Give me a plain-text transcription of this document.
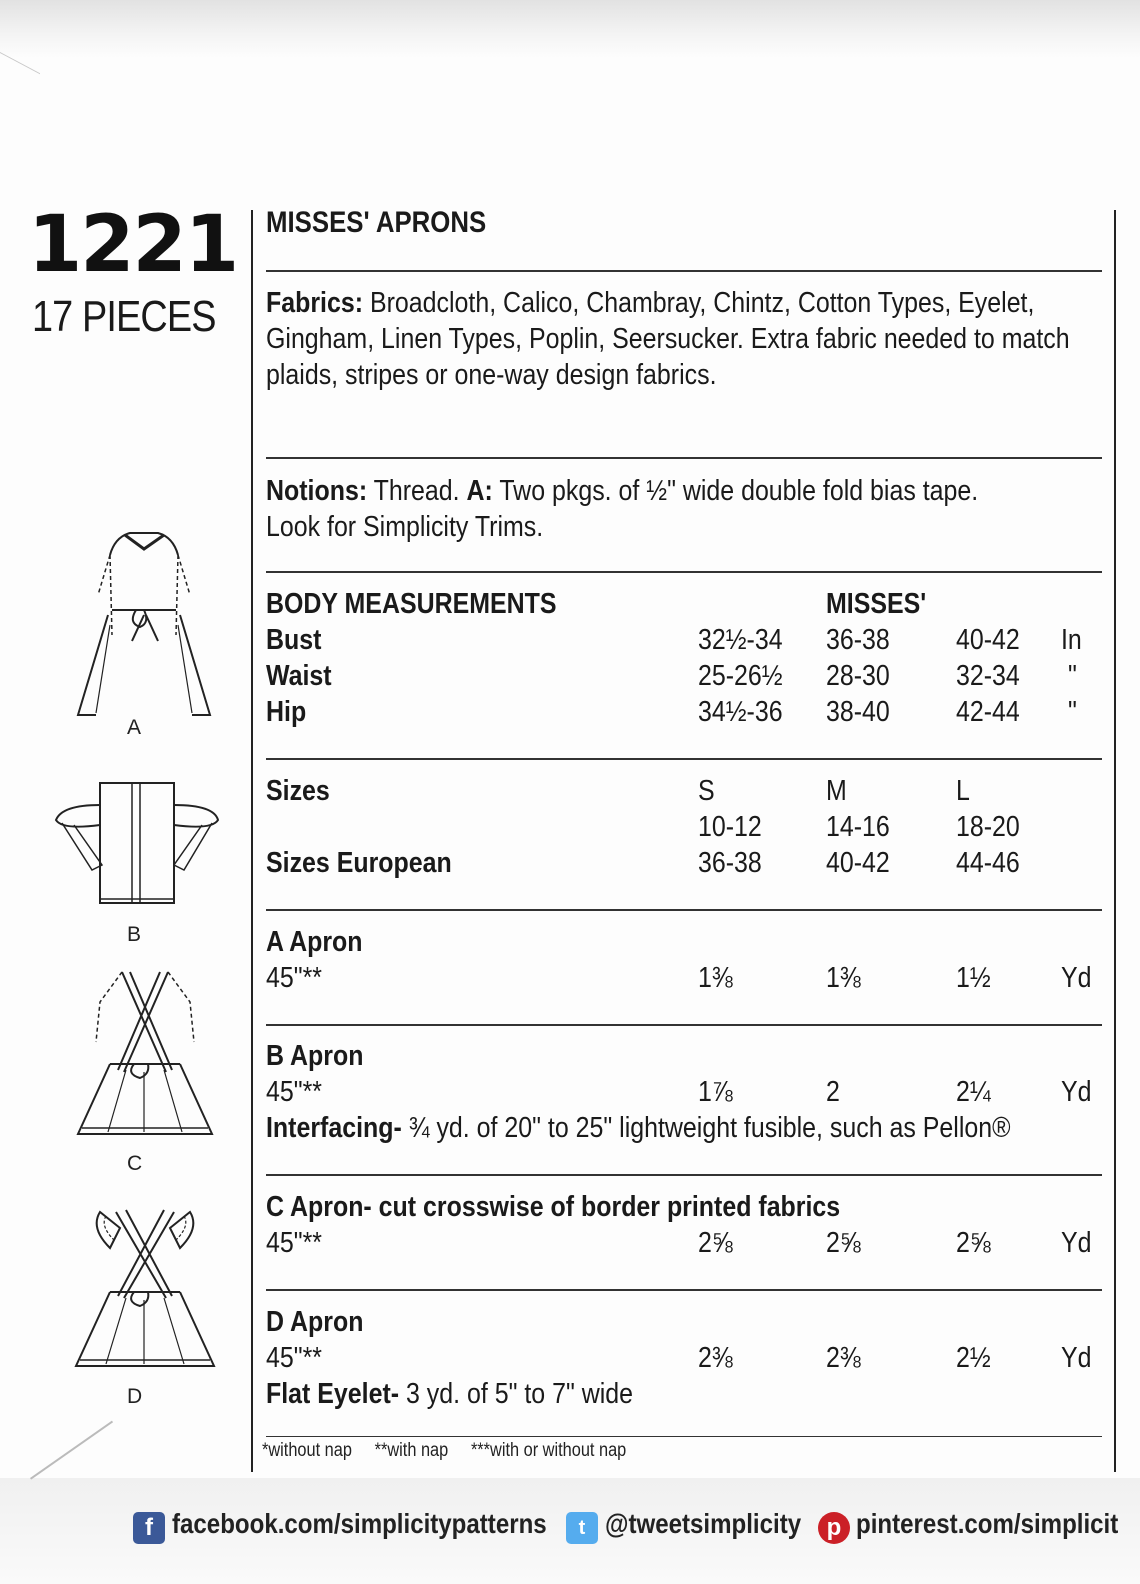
1221
17 PIECES
A
B
C
D
MISSES' APRONS
Fabrics: Broadcloth, Calico, Chambray, Chintz, Cotton Types, Eyelet,
Gingham, Linen Types, Poplin, Seersucker. Extra fabric needed to match
plaids, stripes or one-way design fabrics.
Notions: Thread. A: Two pkgs. of ½" wide double fold bias tape.
Look for Simplicity Trims.
BODY MEASUREMENTS	MISSES'
Bust	32½-34 36-38 40-42 In
Waist	25-26½ 28-30 32-34 "
Hip	34½-36 38-40 42-44 "
Sizes	S	M	L
10-12 14-16 18-20
Sizes European	36-38 40-42 44-46
A Apron
45"**	1⅜	1⅜	1½ Yd
B Apron
45"**	1⅞	2	2¼ Yd
Interfacing- ¾ yd. of 20" to 25" lightweight fusible, such as Pellon®
C Apron- cut crosswise of border printed fabrics
45"**	2⅝	2⅝	2⅝ Yd
D Apron
45"**	2⅜	2⅜	2½ Yd
Flat Eyelet- 3 yd. of 5" to 7" wide
*without nap **with nap ***with or without nap
f facebook.com/simplicitypatterns	t @tweetsimplicity	p pinterest.com/simplicit
